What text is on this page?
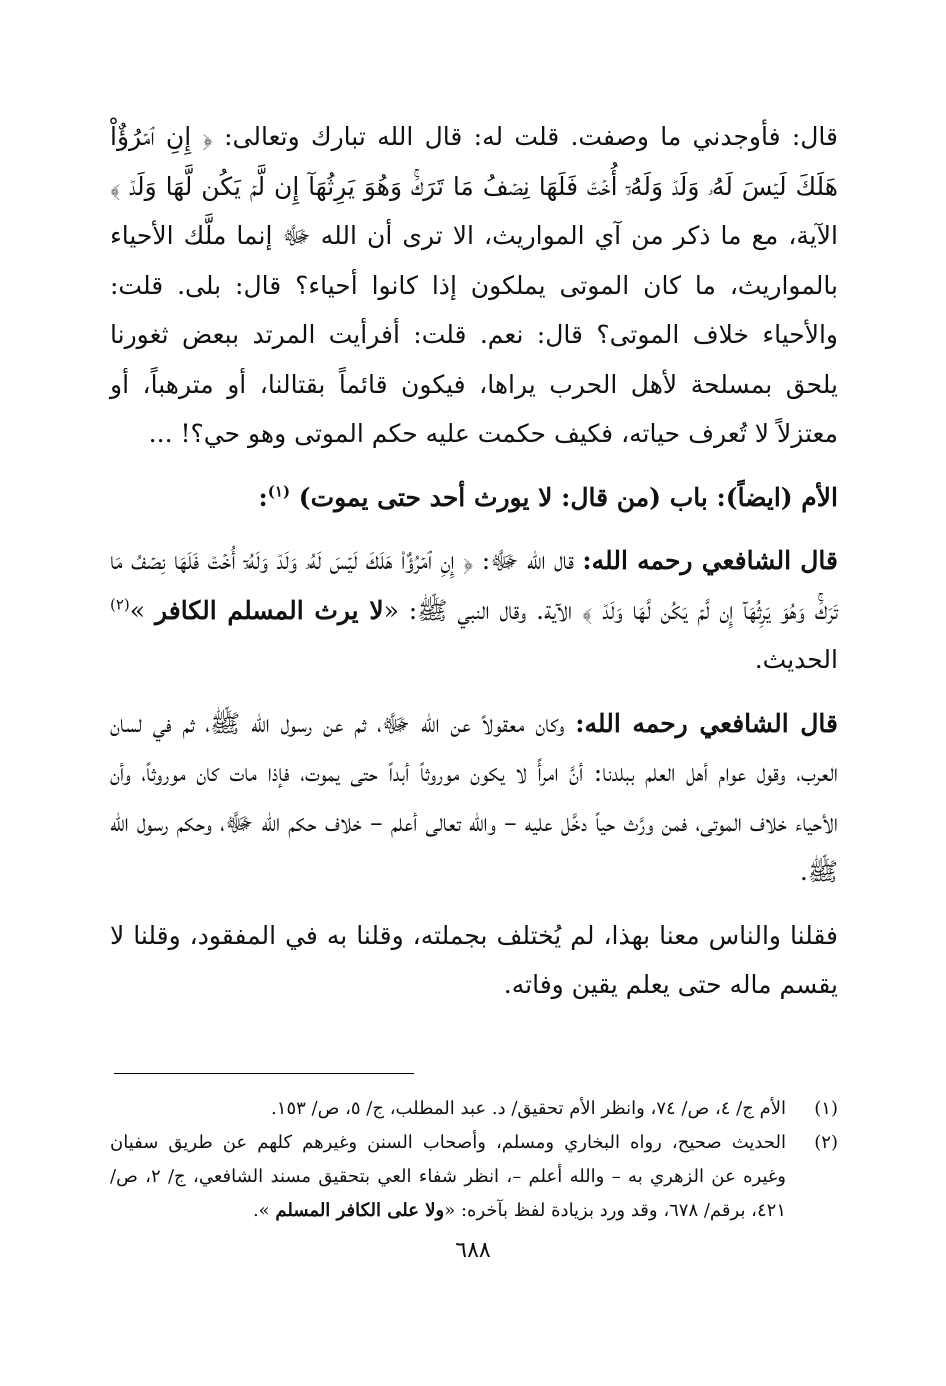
قال: فأوجدني ما وصفت. قلت له: قال الله تبارك وتعالى: ﴿ إِنِ ٱمۡرُؤٌاْ هَلَكَ لَيۡسَ لَهُۥ وَلَدٞ وَلَهُۥٓ أُخۡتٞ فَلَهَا نِصۡفُ مَا تَرَكَۚ وَهُوَ يَرِثُهَآ إِن لَّمۡ يَكُن لَّهَا وَلَدٞ ﴾ الآية، مع ما ذكر من آي المواريث، الا ترى أن الله ﷻ إنما ملَّك الأحياء بالمواريث، ما كان الموتى يملكون إذا كانوا أحياء؟ قال: بلى. قلت: والأحياء خلاف الموتى؟ قال: نعم. قلت: أفرأيت المرتد ببعض ثغورنا يلحق بمسلحة لأهل الحرب يراها، فيكون قائماً بقتالنا، أو مترهباً، أو معتزلاً لا تُعرف حياته، فكيف حكمت عليه حكم الموتى وهو حي؟! ...

الأم (ايضاً): باب (من قال: لا يورث أحد حتى يموت) $^{(١)}$:

قال الشافعي رحمه الله: قال الله ﷻ: ﴿ إِنِ ٱمۡرُؤٌاْ هَلَكَ لَيۡسَ لَهُۥ وَلَدٞ وَلَهُۥٓ أُخۡتٞ فَلَهَا نِصۡفُ مَا تَرَكَۚ وَهُوَ يَرِثُهَآ إِن لَّمۡ يَكُن لَّهَا وَلَدٞ ﴾ الآية. وقال النبي ﷺ: «لا يرث المسلم الكافر »$^{(٢)}$ الحديث.

قال الشافعي رحمه الله: وكان معقولاً عن الله ﷻ، ثم عن رسول الله ﷺ، ثم في لسان العرب، وقول عوام أهل العلم ببلدنا: أنَّ امرأً لا يكون موروثاً أبداً حتى يموت، فإذا مات كان موروثاً، وأن الأحياء خلاف الموتى، فمن ورَّث حياً دخَّل عليه – والله تعالى أعلم – خلاف حكم الله ﷻ، وحكم رسول الله ﷺ.

فقلنا والناس معنا بهذا، لم يُختلف بجملته، وقلنا به في المفقود، وقلنا لا يقسم ماله حتى يعلم يقين وفاته.

(١)
الأم ج/ ٤، ص/ ٧٤، وانظر الأم تحقيق/ د. عبد المطلب، ج/ ٥، ص/ ١٥٣.

(٢)
الحديث صحيح، رواه البخاري ومسلم، وأصحاب السنن وغيرهم كلهم عن طريق سفيان وغيره عن الزهري به – والله أعلم –، انظر شفاء العي بتحقيق مسند الشافعي، ج/ ٢، ص/ ٤٢١، برقم/ ٦٧٨، وقد ورد بزيادة لفظ بآخره: «ولا على الكافر المسلم ».

٦٨٨
